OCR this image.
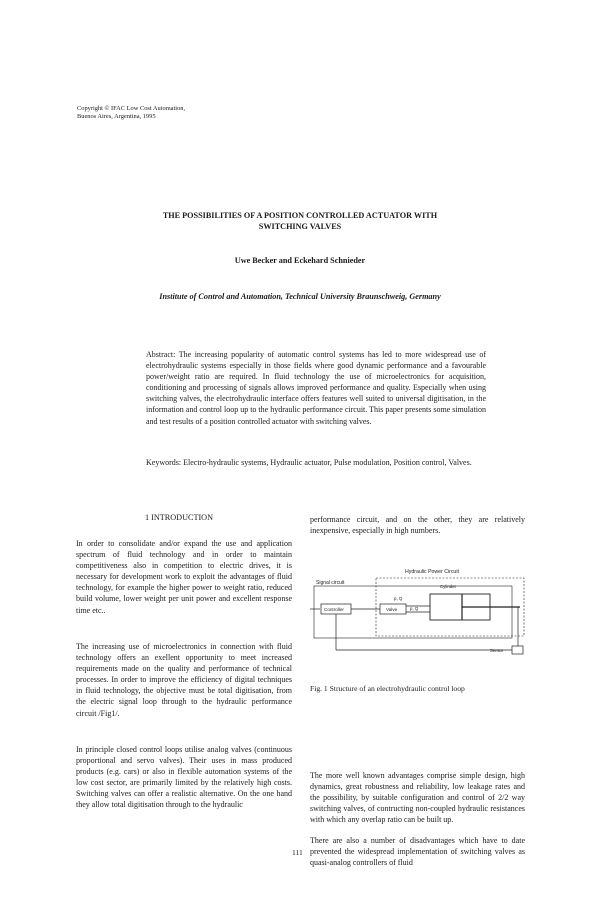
Copyright © IFAC Low Cost Automation,
Buenos Aires, Argentina, 1995
THE POSSIBILITIES OF A POSITION CONTROLLED ACTUATOR WITH
SWITCHING VALVES
Uwe Becker and Eckehard Schnieder
Institute of Control and Automation, Technical University Braunschweig, Germany
Abstract: The increasing popularity of automatic control systems has led to more widespread use of electrohydraulic systems especially in those fields where good dynamic performance and a favourable power/weight ratio are required. In fluid technology the use of microelectronics for acquisition, conditioning and processing of signals allows improved performance and quality. Especially when using switching valves, the electrohydraulic interface offers features well suited to universal digitisation, in the information and control loop up to the hydraulic performance circuit. This paper presents some simulation and test results of a position controlled actuator with switching valves.
Keywords: Electro-hydraulic systems, Hydraulic actuator, Pulse modulation, Position control, Valves.
1 INTRODUCTION
In order to consolidate and/or expand the use and application spectrum of fluid technology and in order to maintain competitiveness also in competition to electric drives, it is necessary for development work to exploit the advantages of fluid technology, for example the higher power to weight ratio, reduced build volume, lower weight per unit power and excellent response time etc..
The increasing use of microelectronics in connection with fluid technology offers an exellent opportunity to meet increased requirements made on the quality and performance of technical processes. In order to improve the efficiency of digital techniques in fluid technology, the objective must be total digitisation, from the electric signal loop through to the hydraulic performance circuit /Fig1/.
In principle closed control loops utilise analog valves (continuous proportional and servo valves). Their uses in mass produced products (e.g. cars) or also in flexible automation systems of the low cost sector, are primarily limited by the relatively high costs. Switching valves can offer a realistic alternative. On the one hand they allow total digitisation through to the hydraulic
performance circuit, and on the other, they are relatively inexpensive, especially in high numbers.
Hydraulic Power Circuit
Signal circuit
Controller	Valve
p, Q
p, Q
Cylinder
Sensor
Fig. 1 Structure of an electrohydraulic control loop
The more well known advantages comprise simple design, high dynamics, great robustness and reliability, low leakage rates and the possibility, by suitable configuration and control of 2/2 way switching valves, of contructing non-coupled hydraulic resistances with which any overlap ratio can be built up.
There are also a number of disadvantages which have to date prevented the widespread implementation of switching valves as quasi-analog controllers of fluid
111
